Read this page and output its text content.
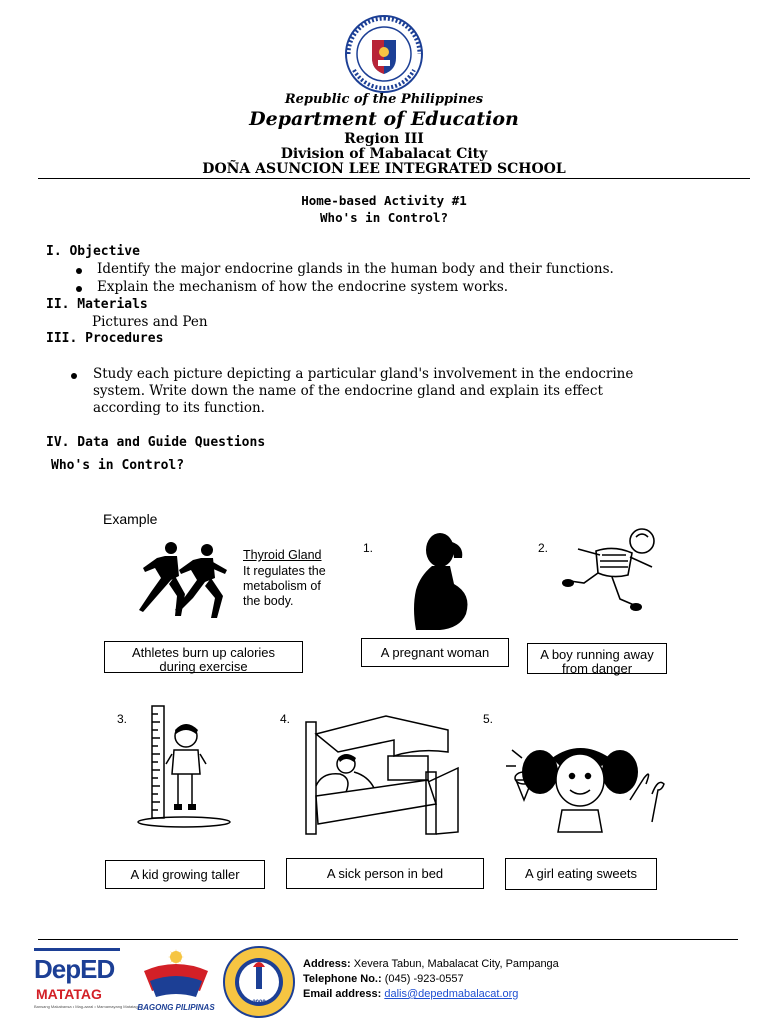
Republic of the Philippines
Department of Education
Region III
Division of Mabalacat City
DOÑA ASUNCION LEE INTEGRATED SCHOOL
Home-based Activity #1
Who's in Control?
I. Objective
Identify the major endocrine glands in the human body and their functions.
Explain the mechanism of how the endocrine system works.
II. Materials
Pictures and Pen
III. Procedures
Study each picture depicting a particular gland's involvement in the endocrine
system. Write down the name of the endocrine gland and explain its effect
according to its function.
IV. Data and Guide Questions
Who's in Control?
Example
Thyroid Gland
It regulates the
metabolism of
the body.
Athletes burn up calories
during exercise
1.
A pregnant woman
2.
A boy running away
from danger
3.
A kid growing taller
4.
A sick person in bed
5.
A girl eating sweets
DepED
MATATAG
Bansang Makabansa • Mag-aaral • Mamamayang Matatag BAGONG PILIPINAS	2009
Address: Xevera Tabun, Mabalacat City, Pampanga
Telephone No.: (045) -923-0557
Email address: dalis@depedmabalacat.org
